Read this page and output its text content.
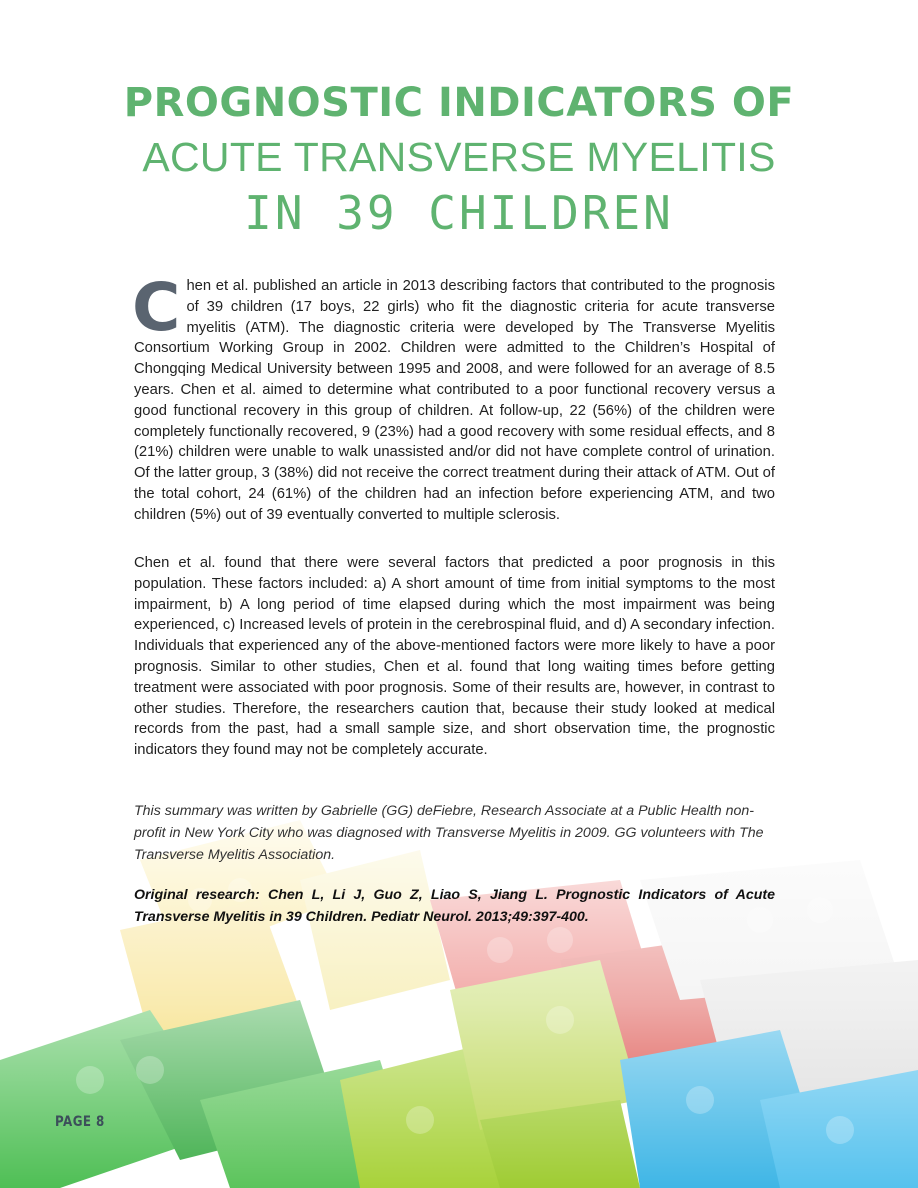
PROGNOSTIC INDICATORS OF
ACUTE TRANSVERSE MYELITIS
IN 39 CHILDREN

Chen et al. published an article in 2013 describing factors that contributed to the prognosis of 39 children (17 boys, 22 girls) who fit the diagnostic criteria for acute transverse myelitis (ATM). The diagnostic criteria were developed by The Transverse Myelitis Consortium Working Group in 2002. Children were admitted to the Children’s Hospital of Chongqing Medical University between 1995 and 2008, and were followed for an average of 8.5 years. Chen et al. aimed to determine what contributed to a poor functional recovery versus a good functional recovery in this group of children. At follow-up, 22 (56%) of the children were completely functionally recovered, 9 (23%) had a good recovery with some residual effects, and 8 (21%) children were unable to walk unassisted and/or did not have complete control of urination. Of the latter group, 3 (38%) did not receive the correct treatment during their attack of ATM. Out of the total cohort, 24 (61%) of the children had an infection before experiencing ATM, and two children (5%) out of 39 eventually converted to multiple sclerosis.

Chen et al. found that there were several factors that predicted a poor prognosis in this population. These factors included: a) A short amount of time from initial symptoms to the most impairment, b) A long period of time elapsed during which the most impairment was being experienced, c) Increased levels of protein in the cerebrospinal fluid, and d) A secondary infection. Individuals that experienced any of the above-mentioned factors were more likely to have a poor prognosis. Similar to other studies, Chen et al. found that long waiting times before getting treatment were associated with poor prognosis. Some of their results are, however, in contrast to other studies. Therefore, the researchers caution that, because their study looked at medical records from the past, had a small sample size, and short observation time, the prognostic indicators they found may not be completely accurate.

This summary was written by Gabrielle (GG) deFiebre, Research Associate at a Public Health non-profit in New York City who was diagnosed with Transverse Myelitis in 2009. GG volunteers with The Transverse Myelitis Association.

Original research: Chen L, Li J, Guo Z, Liao S, Jiang L. Prognostic Indicators of Acute Transverse Myelitis in 39 Children. Pediatr Neurol. 2013;49:397-400.

PAGE 8
